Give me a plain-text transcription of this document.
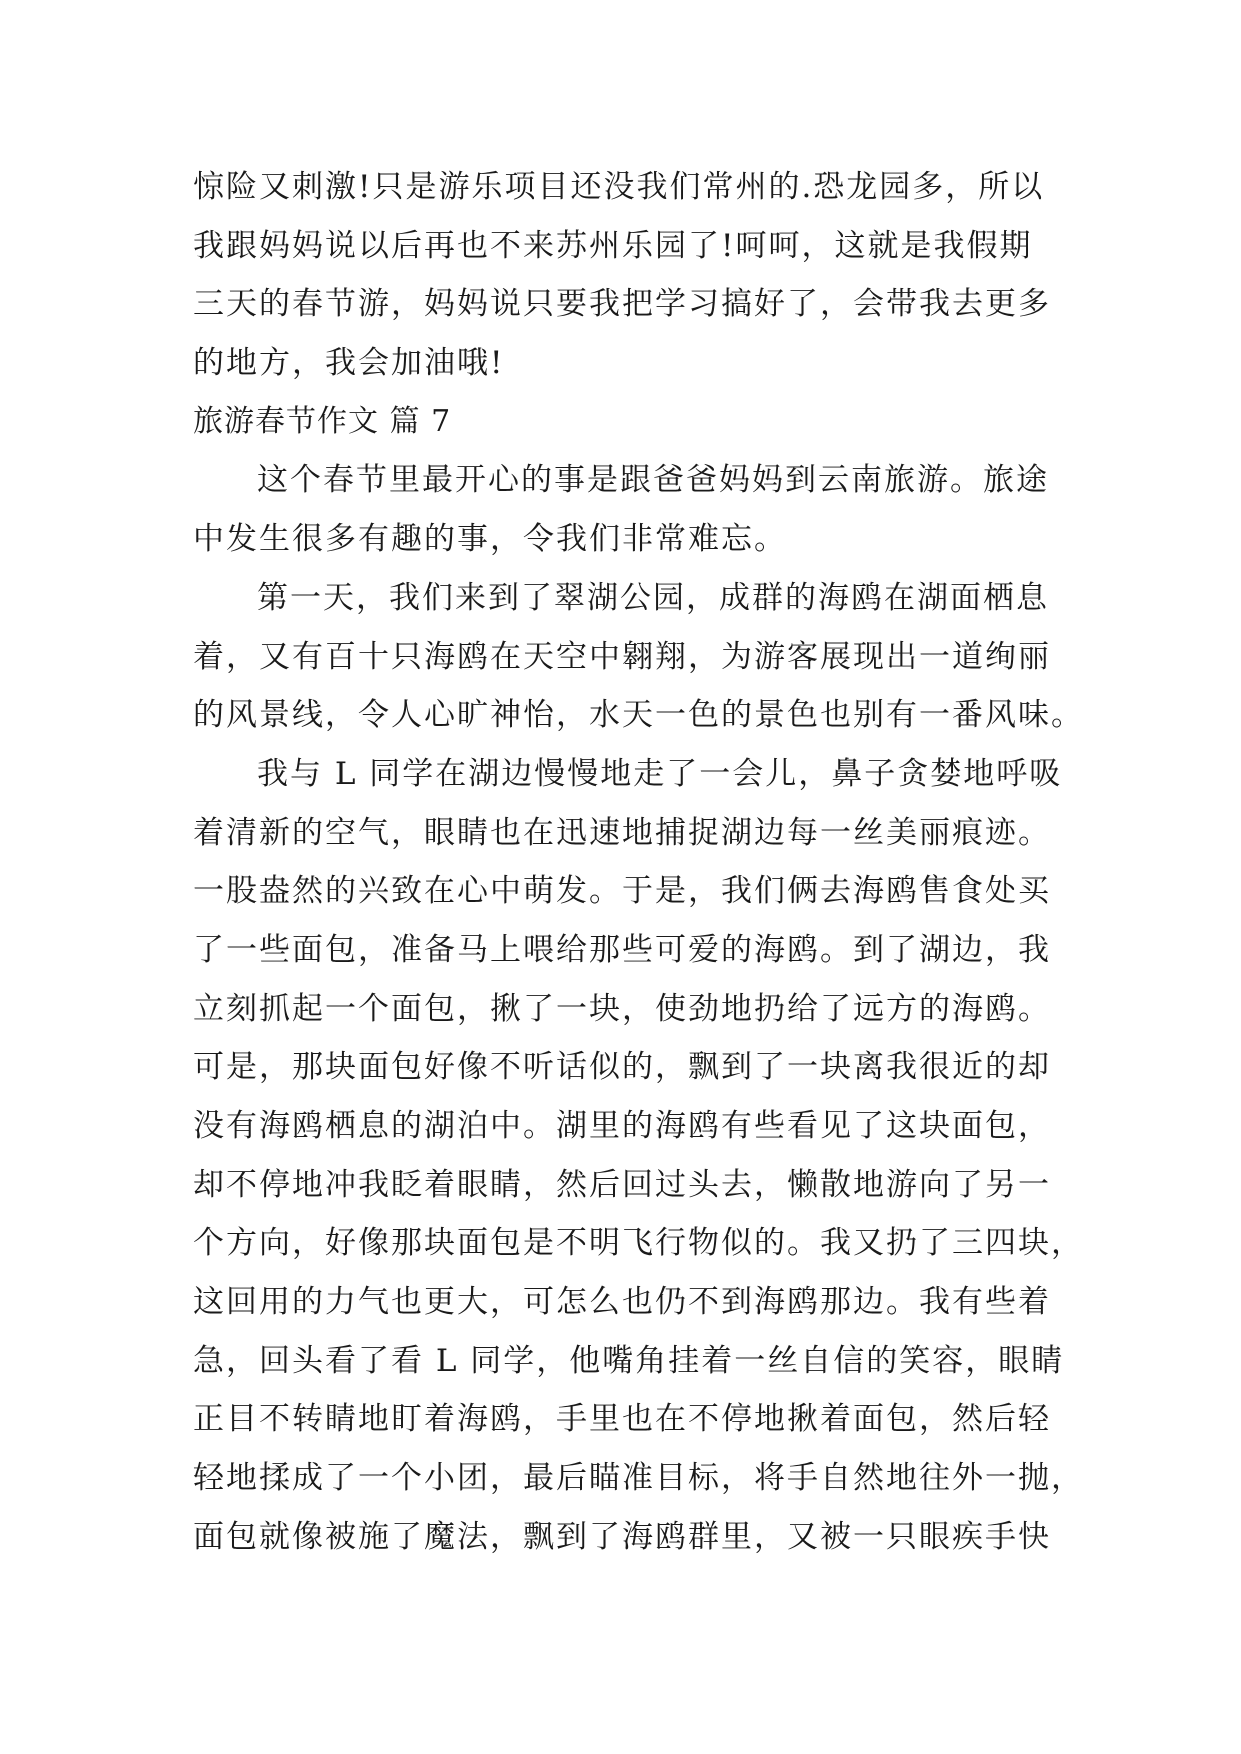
惊险又刺激!只是游乐项目还没我们常州的.恐龙园多，所以
我跟妈妈说以后再也不来苏州乐园了!呵呵，这就是我假期
三天的春节游，妈妈说只要我把学习搞好了，会带我去更多
的地方，我会加油哦!
旅游春节作文 篇 7
这个春节里最开心的事是跟爸爸妈妈到云南旅游。旅途
中发生很多有趣的事，令我们非常难忘。
第一天，我们来到了翠湖公园，成群的海鸥在湖面栖息
着，又有百十只海鸥在天空中翱翔，为游客展现出一道绚丽
的风景线，令人心旷神怡，水天一色的景色也别有一番风味。
我与 L 同学在湖边慢慢地走了一会儿，鼻子贪婪地呼吸
着清新的空气，眼睛也在迅速地捕捉湖边每一丝美丽痕迹。
一股盎然的兴致在心中萌发。于是，我们俩去海鸥售食处买
了一些面包，准备马上喂给那些可爱的海鸥。到了湖边，我
立刻抓起一个面包，揪了一块，使劲地扔给了远方的海鸥。
可是，那块面包好像不听话似的，飘到了一块离我很近的却
没有海鸥栖息的湖泊中。湖里的海鸥有些看见了这块面包，
却不停地冲我眨着眼睛，然后回过头去，懒散地游向了另一
个方向，好像那块面包是不明飞行物似的。我又扔了三四块，
这回用的力气也更大，可怎么也仍不到海鸥那边。我有些着
急，回头看了看 L 同学，他嘴角挂着一丝自信的笑容，眼睛
正目不转睛地盯着海鸥，手里也在不停地揪着面包，然后轻
轻地揉成了一个小团，最后瞄准目标，将手自然地往外一抛，
面包就像被施了魔法，飘到了海鸥群里，又被一只眼疾手快
